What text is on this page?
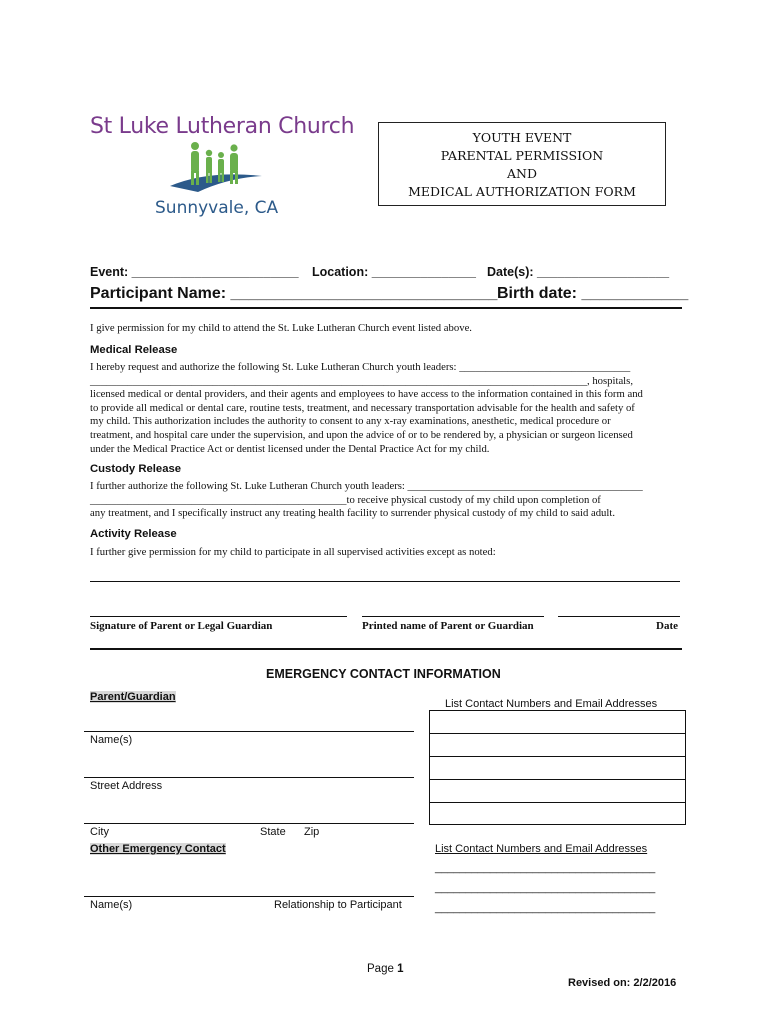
St Luke Lutheran Church
Sunnyvale, CA
YOUTH EVENT
PARENTAL PERMISSION
AND
MEDICAL AUTHORIZATION FORM
Event: ________________________ Location: _______________ Date(s): ___________________
Participant Name: ______________________________ Birth date: ____________
I give permission for my child to attend the St. Luke Lutheran Church event listed above.
Medical Release
I hereby request and authorize the following St. Luke Lutheran Church youth leaders: ________________________________
_____________________________________________________________________________________________, hospitals,
licensed medical or dental providers, and their agents and employees to have access to the information contained in this form and
to provide all medical or dental care, routine tests, treatment, and necessary transportation advisable for the health and safety of
my child. This authorization includes the authority to consent to any x-ray examinations, anesthetic, medical procedure or
treatment, and hospital care under the supervision, and upon the advice of or to be rendered by, a physician or surgeon licensed
under the Medical Practice Act or dentist licensed under the Dental Practice Act for my child.
Custody Release
I further authorize the following St. Luke Lutheran Church youth leaders: ____________________________________________
________________________________________________to receive physical custody of my child upon completion of
any treatment, and I specifically instruct any treating health facility to surrender physical custody of my child to said adult.
Activity Release
I further give permission for my child to participate in all supervised activities except as noted:
Signature of Parent or Legal Guardian	Printed name of Parent or Guardian	Date
EMERGENCY CONTACT INFORMATION
Parent/Guardian
List Contact Numbers and Email Addresses
Name(s)
Street Address
City	State Zip
Other Emergency Contact	List Contact Numbers and Email Addresses
____________________________________
____________________________________
____________________________________
Name(s)	Relationship to Participant
Page 1
Revised on: 2/2/2016
